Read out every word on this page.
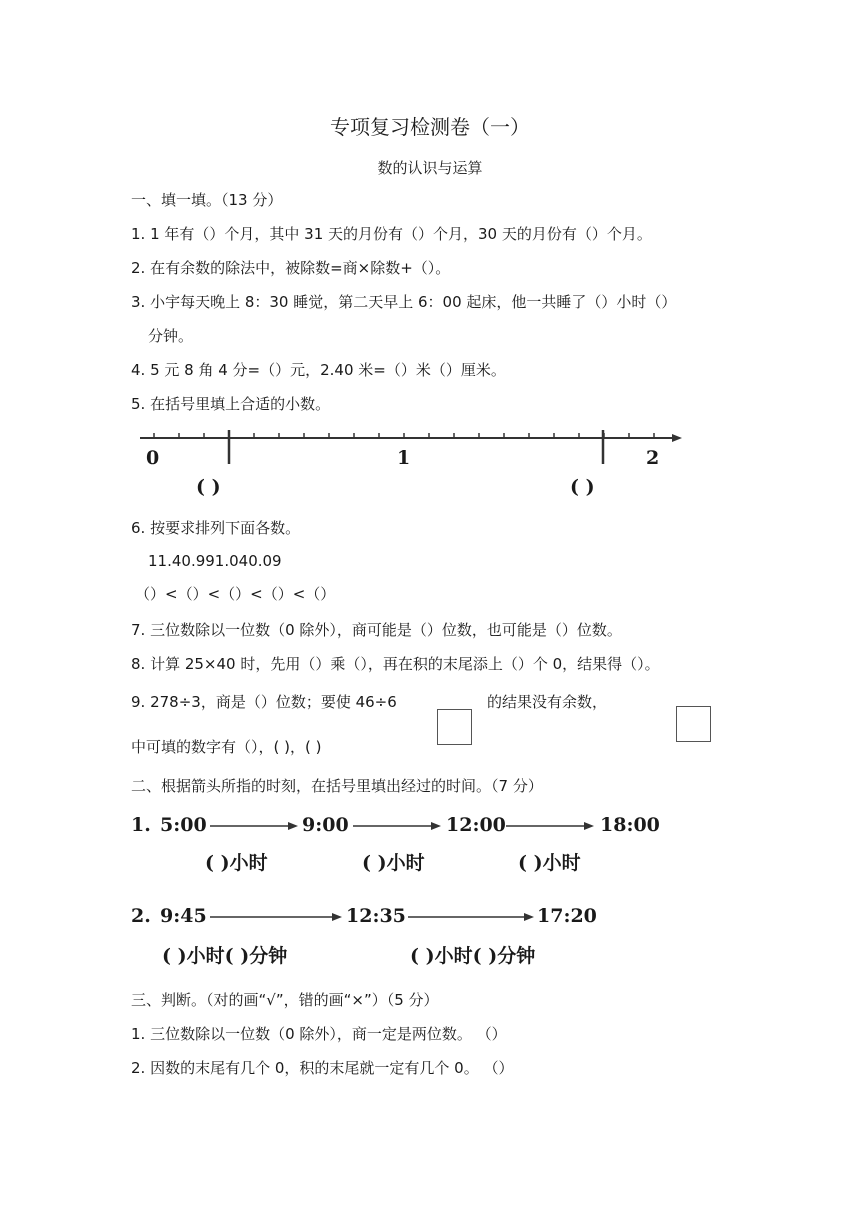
专项复习检测卷（一）
数的认识与运算
一、填一填。（13 分）
1. 1 年有（）个月，其中 31 天的月份有（）个月，30 天的月份有（）个月。
2. 在有余数的除法中，被除数=商×除数+（）。
3. 小宇每天晚上 8：30 睡觉，第二天早上 6：00 起床，他一共睡了（）小时（）
分钟。
4. 5 元 8 角 4 分=（）元，2.40 米=（）米（）厘米。
5. 在括号里填上合适的小数。
0	1	2
( )	( )
6. 按要求排列下面各数。
11.40.991.040.09
（）<（）<（）<（）<（）
7. 三位数除以一位数（0 除外），商可能是（）位数，也可能是（）位数。
8. 计算 25×40 时，先用（）乘（），再在积的末尾添上（）个 0，结果得（）。
9. 278÷3，商是（）位数；要使 46÷6	的结果没有余数，
中可填的数字有（），( )，( )
二、根据箭头所指的时刻，在括号里填出经过的时间。（7 分）
1. 5:00	9:00	12:00	18:00
( )小时	( )小时	( )小时
2. 9:45	12:35	17:20
( )小时( )分钟	( )小时( )分钟
三、判断。（对的画“√”，错的画“×”）（5 分）
1. 三位数除以一位数（0 除外），商一定是两位数。 （）
2. 因数的末尾有几个 0，积的末尾就一定有几个 0。 （）
